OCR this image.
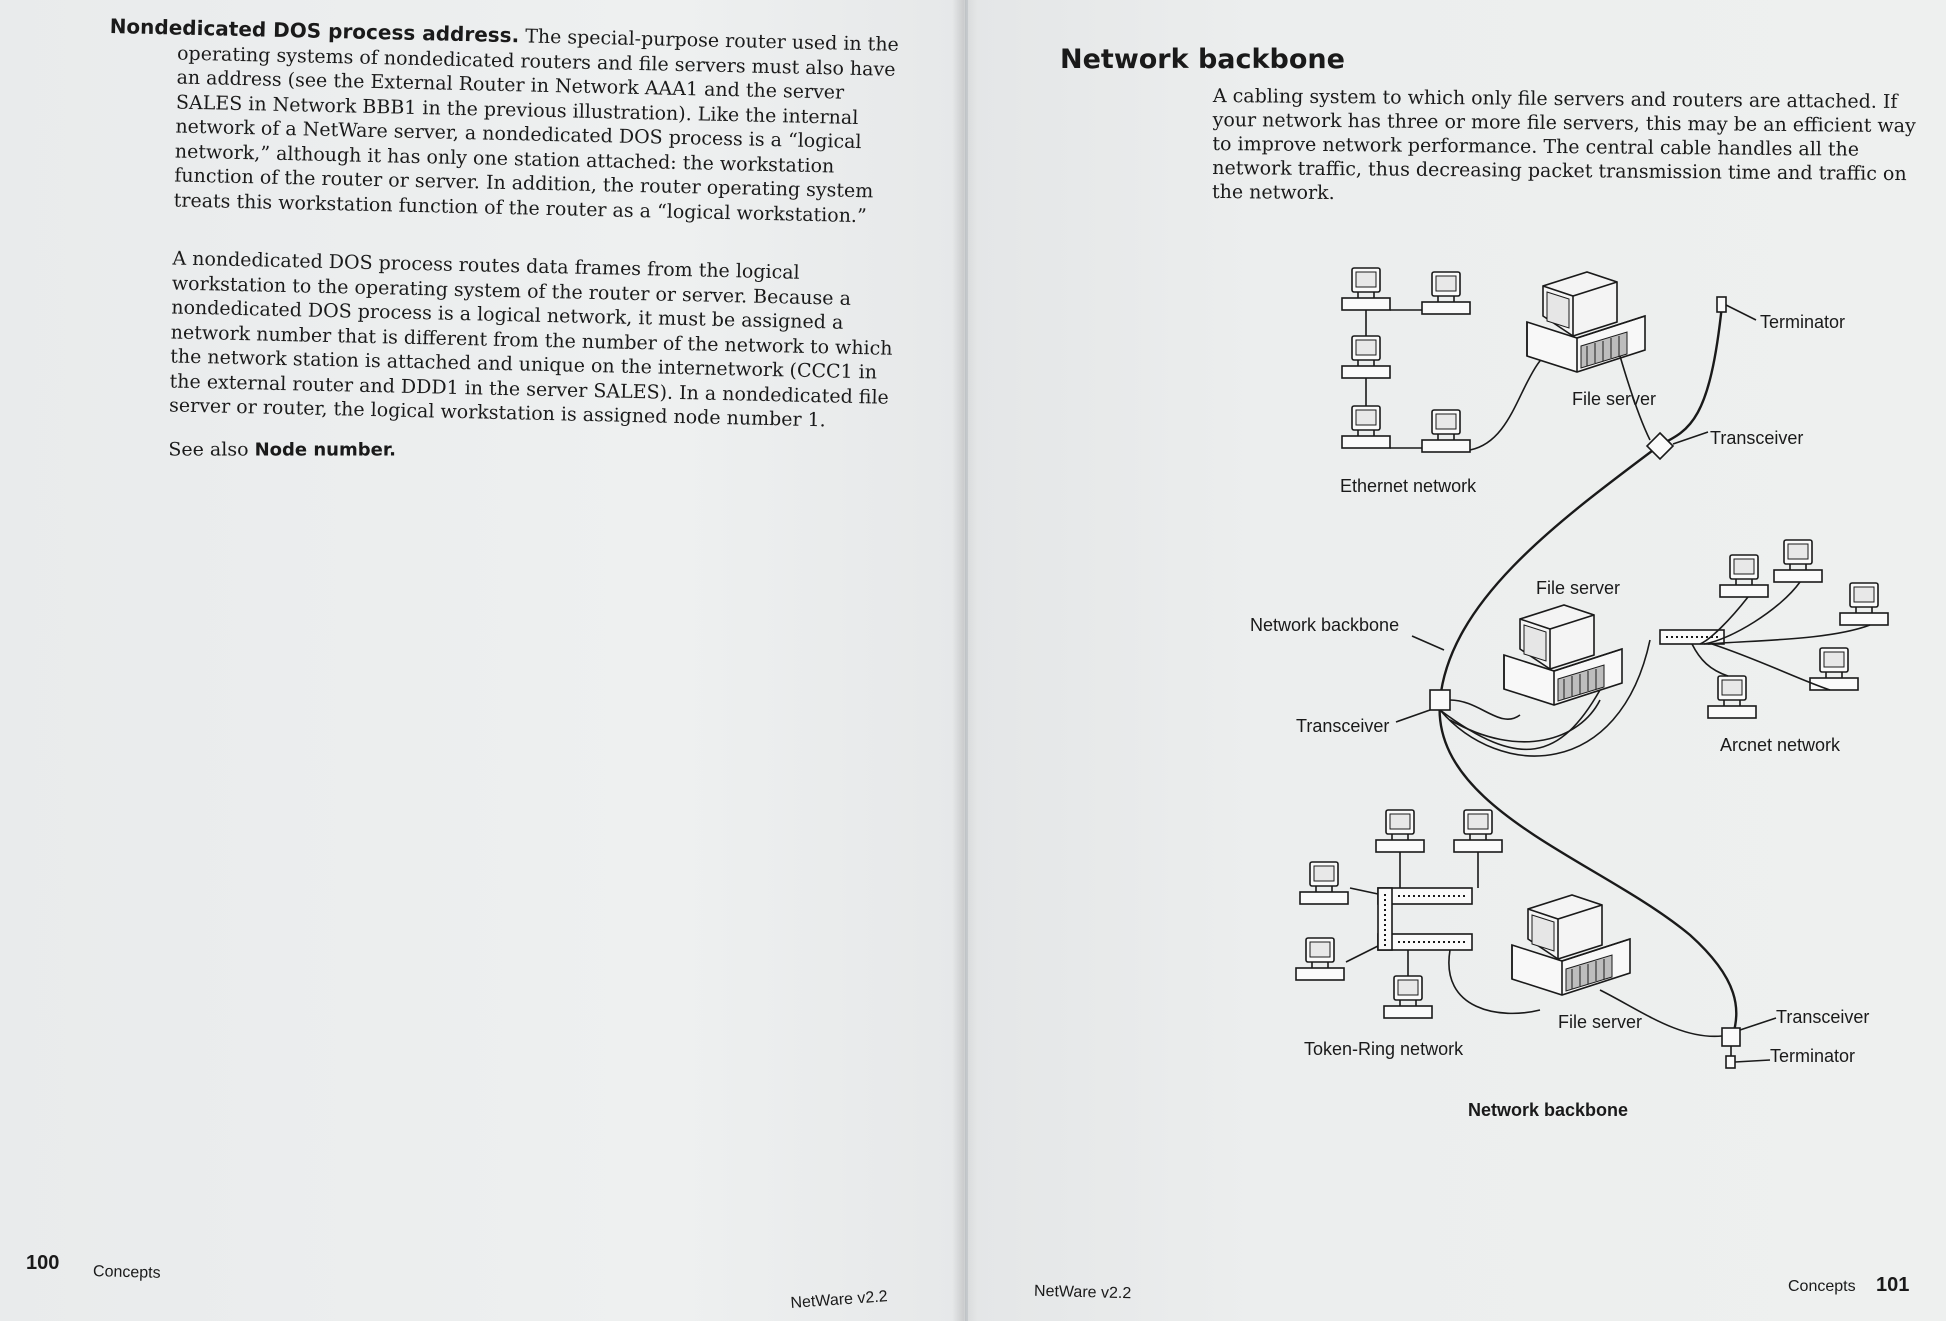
Nondedicated DOS process address. The special-purpose router used in the operating systems of nondedicated routers and file servers must also have an address (see the External Router in Network AAA1 and the server SALES in Network BBB1 in the previous illustration). Like the internal network of a NetWare server, a nondedicated DOS process is a “logical network,” although it has only one station attached: the workstation function of the router or server. In addition, the router operating system treats this workstation function of the router as a “logical workstation.”

A nondedicated DOS process routes data frames from the logical workstation to the operating system of the router or server. Because a nondedicated DOS process is a logical network, it must be assigned a network number that is different from the number of the network to which the network station is attached and unique on the internetwork (CCC1 in the external router and DDD1 in the server SALES). In a nondedicated file server or router, the logical workstation is assigned node number 1.

See also Node number.

100 Concepts
NetWare v2.2
Network backbone

A cabling system to which only file servers and routers are attached. If your network has three or more file servers, this may be an efficient way to improve network performance. The central cable handles all the network traffic, thus decreasing packet transmission time and traffic on the network.

Terminator
File server
Transceiver
Ethernet network
File server
Network backbone
Transceiver
Arcnet network
File server	Transceiver
Terminator
Token-Ring network
Network backbone
NetWare v2.2	Concepts 101
